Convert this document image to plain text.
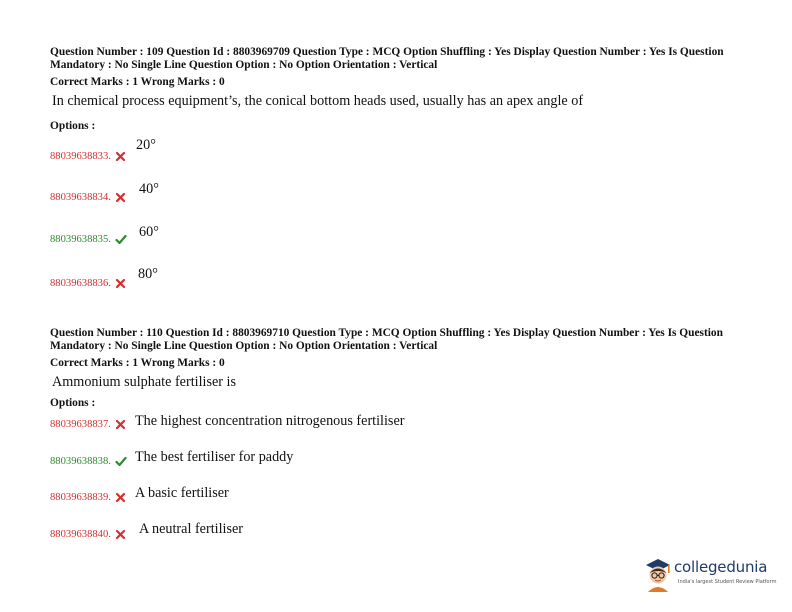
Question Number : 109 Question Id : 8803969709 Question Type : MCQ Option Shuffling : Yes Display Question Number : Yes Is Question Mandatory : No Single Line Question Option : No Option Orientation : Vertical
Correct Marks : 1 Wrong Marks : 0
In chemical process equipment’s, the conical bottom heads used, usually has an apex angle of
Options :
88039638833.
20°
88039638834.
40°
88039638835. 60°
88039638836.
80°
Question Number : 110 Question Id : 8803969710 Question Type : MCQ Option Shuffling : Yes Display Question Number : Yes Is Question Mandatory : No Single Line Question Option : No Option Orientation : Vertical
Correct Marks : 1 Wrong Marks : 0
Ammonium sulphate fertiliser is
Options :
88039638837. The highest concentration nitrogenous fertiliser
88039638838. The best fertiliser for paddy
88039638839. A basic fertiliser
88039638840. A neutral fertiliser
collegedunia
India's largest Student Review Platform
